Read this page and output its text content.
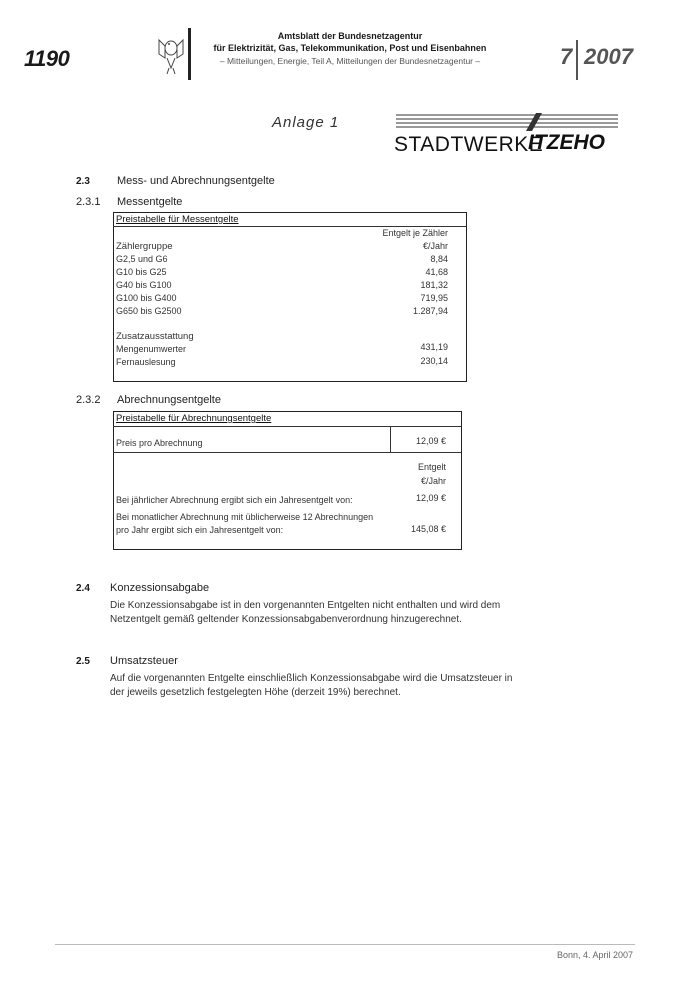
1190
Amtsblatt der Bundesnetzagentur
für Elektrizität, Gas, Telekommunikation, Post und Eisenbahnen
– Mitteilungen, Energie, Teil A, Mitteilungen der Bundesnetzagentur –	7 2007
Anlage 1
STADTWERKE
ITZEHO
2.3 Mess- und Abrechnungsentgelte
2.3.1 Messentgelte
Preistabelle für Messentgelte
Entgelt je Zähler
€/Jahr
Zählergruppe
G2,5 und G6	8,84
G10 bis G25	41,68
G40 bis G100	181,32
G100 bis G400	719,95
G650 bis G2500	1.287,94
Zusatzausstattung
Mengenumwerter	431,19
Fernauslesung	230,14
2.3.2 Abrechnungsentgelte
Preistabelle für Abrechnungsentgelte
Preis pro Abrechnung	12,09 €
Entgelt
€/Jahr
Bei jährlicher Abrechnung ergibt sich ein Jahresentgelt von:	12,09 €
Bei monatlicher Abrechnung mit üblicherweise 12 Abrechnungen
pro Jahr ergibt sich ein Jahresentgelt von:	145,08 €
2.4 Konzessionsabgabe
Die Konzessionsabgabe ist in den vorgenannten Entgelten nicht enthalten und wird dem
Netzentgelt gemäß geltender Konzessionsabgabenverordnung hinzugerechnet.
2.5 Umsatzsteuer
Auf die vorgenannten Entgelte einschließlich Konzessionsabgabe wird die Umsatzsteuer in
der jeweils gesetzlich festgelegten Höhe (derzeit 19%) berechnet.
Bonn, 4. April 2007
